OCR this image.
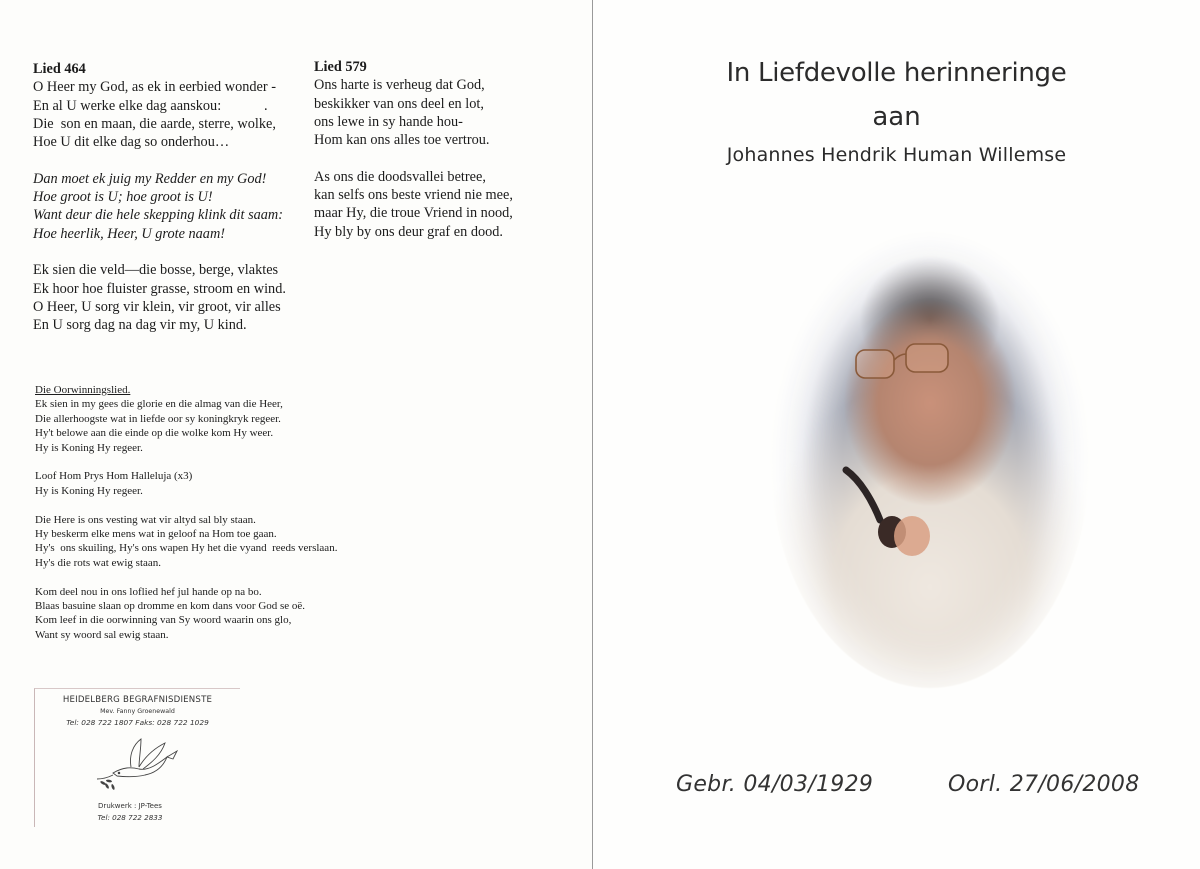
Lied 464
O Heer my God, as ek in eerbied wonder -
En al U werke elke dag aanskou:            .
Die  son en maan, die aarde, sterre, wolke,
Hoe U dit elke dag so onderhou…
Dan moet ek juig my Redder en my God!
Hoe groot is U; hoe groot is U!
Want deur die hele skepping klink dit saam:
Hoe heerlik, Heer, U grote naam!
Ek sien die veld—die bosse, berge, vlaktes
Ek hoor hoe fluister grasse, stroom en wind.
O Heer, U sorg vir klein, vir groot, vir alles
En U sorg dag na dag vir my, U kind.
Lied 579
Ons harte is verheug dat God,
beskikker van ons deel en lot,
ons lewe in sy hande hou-
Hom kan ons alles toe vertrou.
As ons die doodsvallei betree,
kan selfs ons beste vriend nie mee,
maar Hy, die troue Vriend in nood,
Hy bly by ons deur graf en dood.
Die Oorwinningslied.
Ek sien in my gees die glorie en die almag van die Heer,
Die allerhoogste wat in liefde oor sy koningkryk regeer.
Hy't belowe aan die einde op die wolke kom Hy weer.
Hy is Koning Hy regeer.
Loof Hom Prys Hom Halleluja (x3)
Hy is Koning Hy regeer.
Die Here is ons vesting wat vir altyd sal bly staan.
Hy beskerm elke mens wat in geloof na Hom toe gaan.
Hy's  ons skuiling, Hy's ons wapen Hy het die vyand  reeds verslaan.
Hy's die rots wat ewig staan.
Kom deel nou in ons loflied hef jul hande op na bo.
Blaas basuine slaan op dromme en kom dans voor God se oë.
Kom leef in die oorwinning van Sy woord waarin ons glo,
Want sy woord sal ewig staan.
HEIDELBERG BEGRAFNISDIENSTE
Mev. Fanny Groenewald
Tel: 028 722 1807 Faks: 028 722 1029
Drukwerk : JP-Tees
Tel: 028 722 2833
In Liefdevolle herinneringe
aan
Johannes Hendrik Human Willemse
Gebr. 04/03/1929	Oorl. 27/06/2008
